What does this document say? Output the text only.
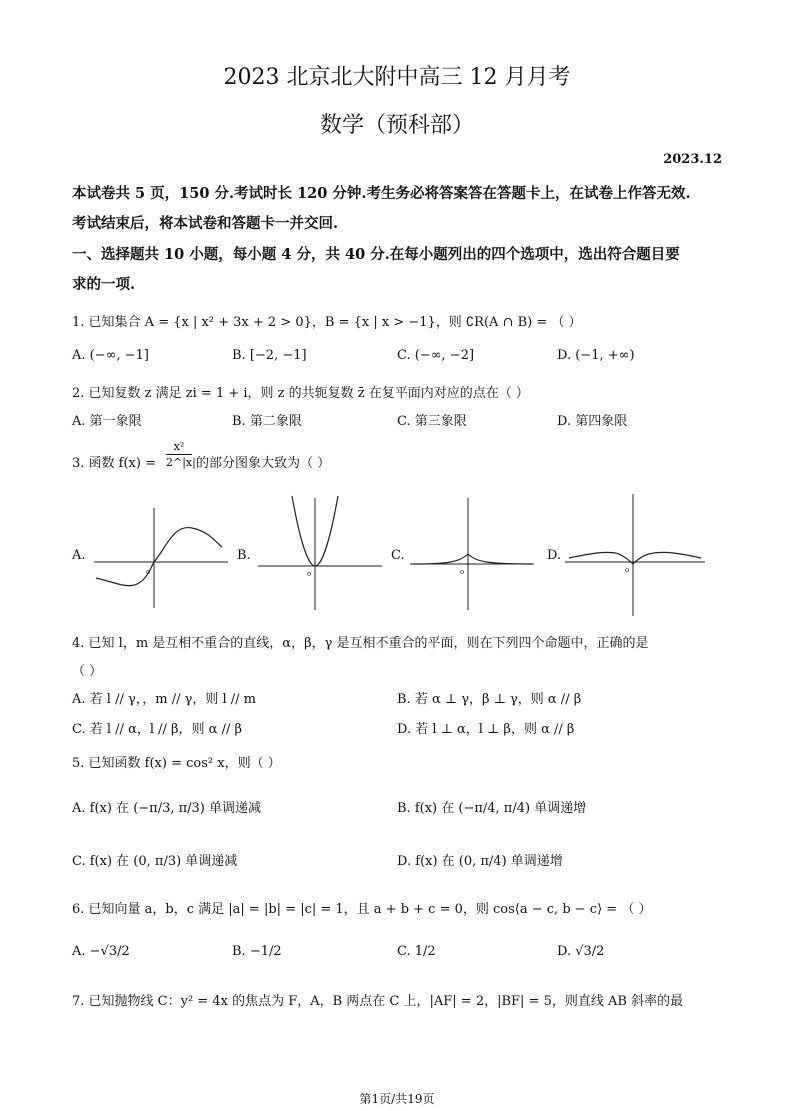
2023 北京北大附中高三 12 月月考
数学（预科部）
2023.12
本试卷共 5 页，150 分.考试时长 120 分钟.考生务必将答案答在答题卡上，在试卷上作答无效.
考试结束后，将本试卷和答题卡一并交回.
一、选择题共 10 小题，每小题 4 分，共 40 分.在每小题列出的四个选项中，选出符合题目要
求的一项.
1. 已知集合 A = {x | x² + 3x + 2 > 0}，B = {x | x > −1}，则 ∁R(A ∩ B) = （ ）
A. (−∞, −1]	B. [−2, −1]	C. (−∞, −2]	D. (−1, +∞)
2. 已知复数 z 满足 zi = 1 + i，则 z 的共轭复数 z̄ 在复平面内对应的点在（ ）
A. 第一象限	B. 第二象限	C. 第三象限	D. 第四象限
3. 函数 $f(x) = \frac{\text{x²}}{2\^{}|x|}$ 的部分图象大致为（ ）
A.
o
B.
o
C.
o
D.
o
4. 已知 l，m 是互相不重合的直线，α，β，γ 是互相不重合的平面，则在下列四个命题中，正确的是
（ ）
A. 若 l // γ，，m // γ，则 l // m	B. 若 α ⊥ γ，β ⊥ γ，则 α // β
C. 若 l // α，l // β，则 α // β	D. 若 l ⊥ α，l ⊥ β，则 α // β
5. 已知函数 f(x) = cos² x，则（ ）
A. f(x) 在 (−π/3, π/3) 单调递减	B. f(x) 在 (−π/4, π/4) 单调递增
C. f(x) 在 (0, π/3) 单调递减	D. f(x) 在 (0, π/4) 单调递增
6. 已知向量 a，b，c 满足 |a| = |b| = |c| = 1，且 a + b + c = 0，则 cos⟨a − c, b − c⟩ = （ ）
A. −√3/2	B. −1/2	C. 1/2	D. √3/2
7. 已知抛物线 C：y² = 4x 的焦点为 F，A，B 两点在 C 上，|AF| = 2，|BF| = 5，则直线 AB 斜率的最
第1页/共19页
